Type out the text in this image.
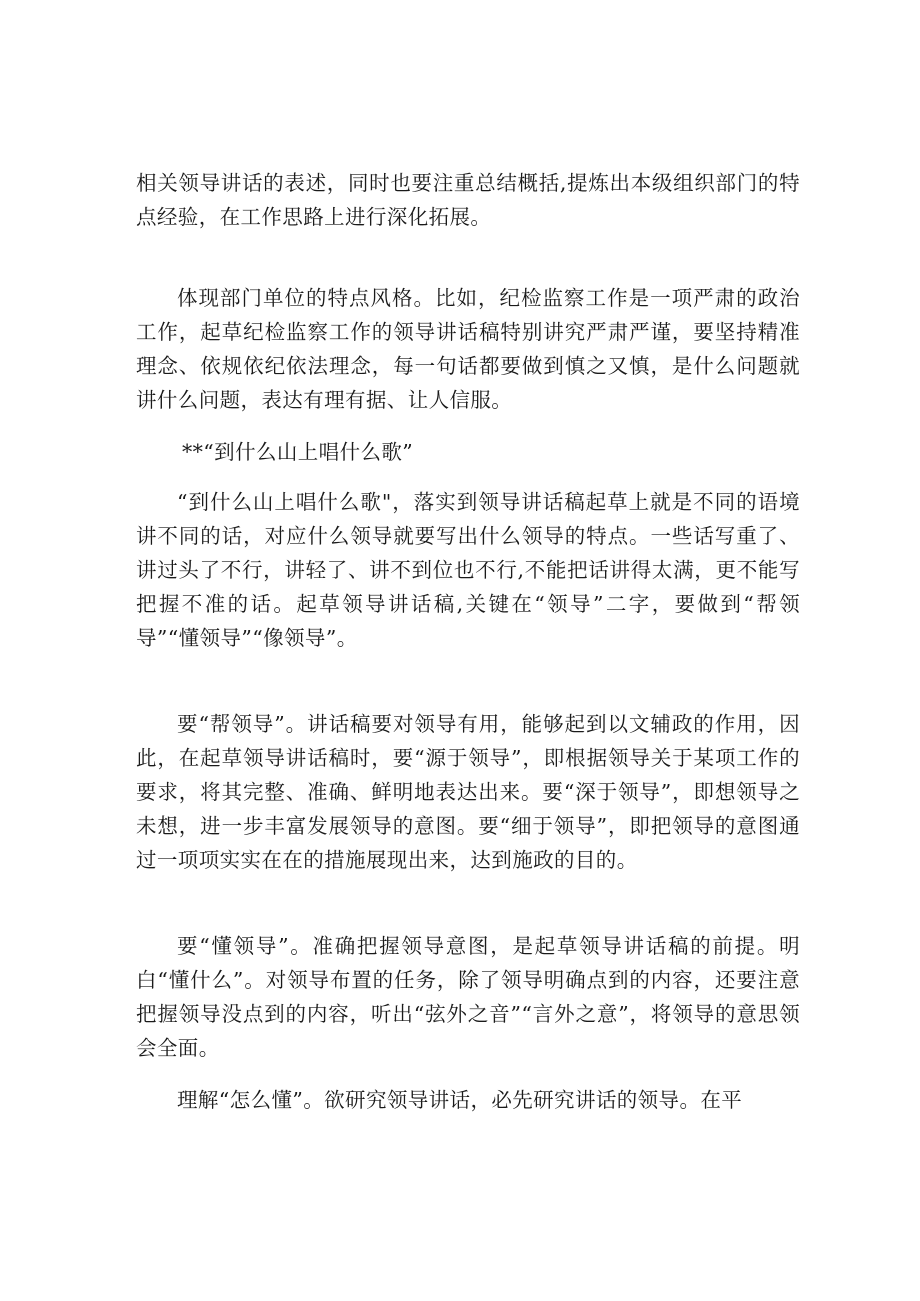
相关领导讲话的表述，同时也要注重总结概括,提炼出本级组织部门的特点经验，在工作思路上进行深化拓展。

体现部门单位的特点风格。比如，纪检监察工作是一项严肃的政治工作，起草纪检监察工作的领导讲话稿特别讲究严肃严谨，要坚持精准理念、依规依纪依法理念，每一句话都要做到慎之又慎，是什么问题就讲什么问题，表达有理有据、让人信服。

**“到什么山上唱什么歌”

“到什么山上唱什么歌"，落实到领导讲话稿起草上就是不同的语境讲不同的话，对应什么领导就要写出什么领导的特点。一些话写重了、讲过头了不行，讲轻了、讲不到位也不行,不能把话讲得太满，更不能写把握不准的话。起草领导讲话稿,关键在“领导”二字，要做到“帮领导”“懂领导”“像领导”。

要“帮领导”。讲话稿要对领导有用，能够起到以文辅政的作用，因此，在起草领导讲话稿时，要“源于领导”，即根据领导关于某项工作的要求，将其完整、准确、鲜明地表达出来。要“深于领导”，即想领导之未想，进一步丰富发展领导的意图。要“细于领导”，即把领导的意图通过一项项实实在在的措施展现出来，达到施政的目的。

要“懂领导”。准确把握领导意图，是起草领导讲话稿的前提。明白“懂什么”。对领导布置的任务，除了领导明确点到的内容，还要注意把握领导没点到的内容，听出“弦外之音”“言外之意”，将领导的意思领会全面。

理解“怎么懂”。欲研究领导讲话，必先研究讲话的领导。在平
